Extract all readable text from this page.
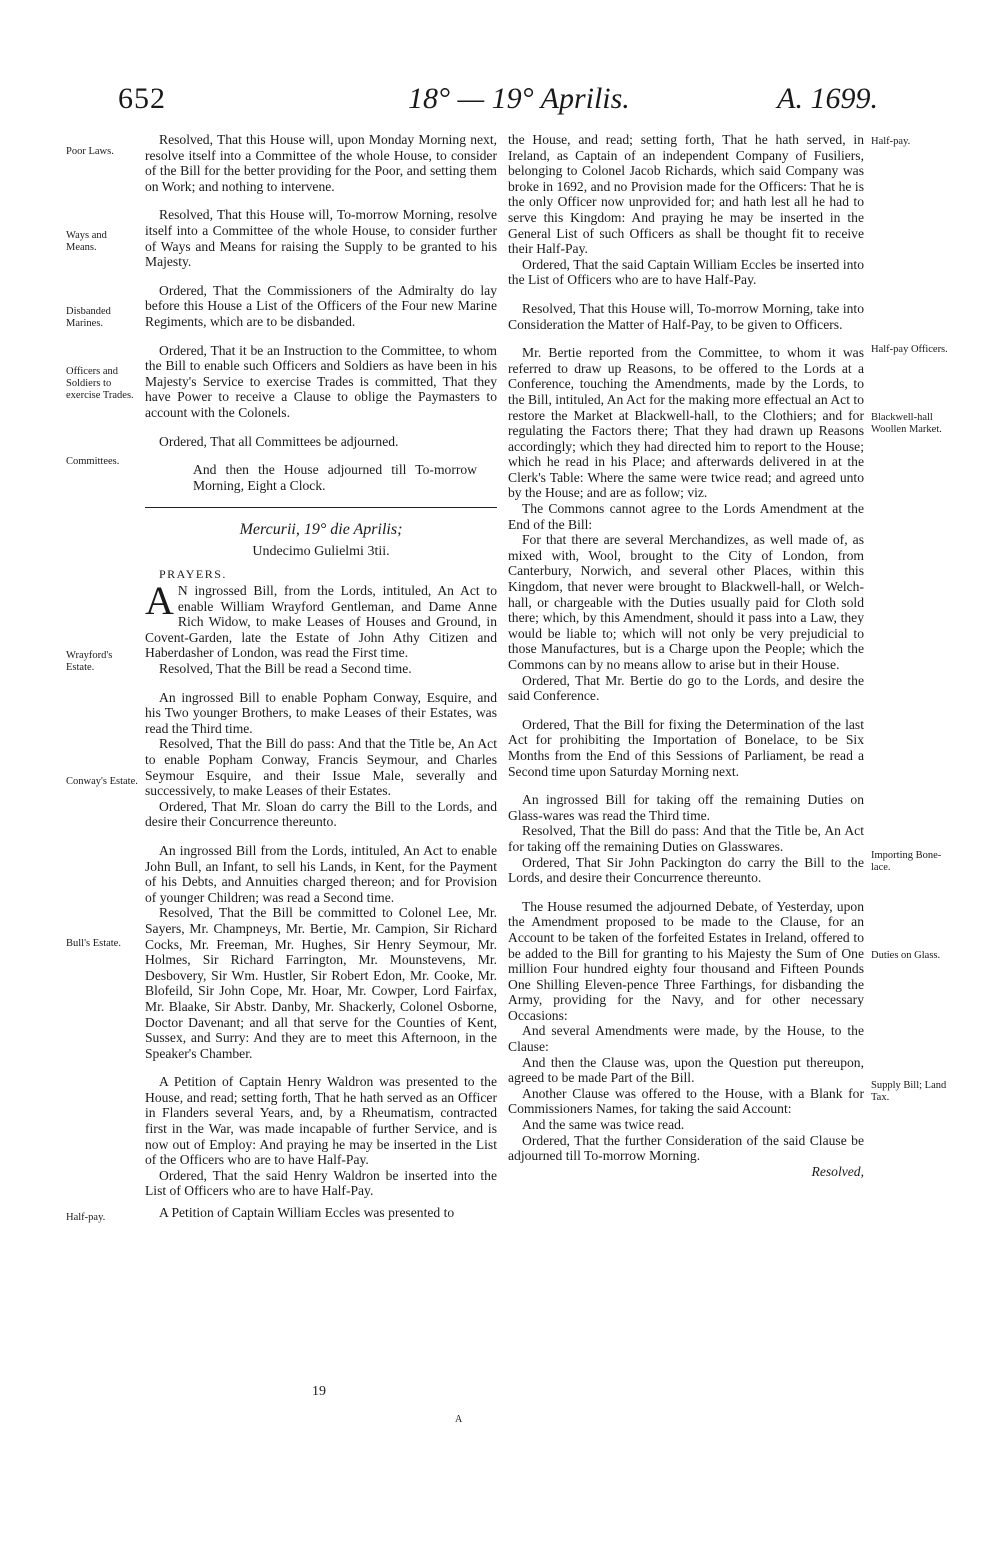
652	18° — 19° Aprilis.	A. 1699.
Poor Laws.
Ways and Means.
Disbanded Marines.
Officers and Soldiers to exercise Trades.
Committees.
Wrayford's Estate.
Conway's Estate.
Bull's Estate.
Half-pay.
Half-pay.
Half-pay Officers.
Blackwell-hall Woollen Market.
Importing Bone-lace.
Duties on Glass.
Supply Bill; Land Tax.

Resolved, That this House will, upon Monday Morning next, resolve itself into a Committee of the whole House, to consider of the Bill for the better providing for the Poor, and setting them on Work; and nothing to intervene.

Resolved, That this House will, To-morrow Morning, resolve itself into a Committee of the whole House, to consider further of Ways and Means for raising the Supply to be granted to his Majesty.

Ordered, That the Commissioners of the Admiralty do lay before this House a List of the Officers of the Four new Marine Regiments, which are to be disbanded.

Ordered, That it be an Instruction to the Committee, to whom the Bill to enable such Officers and Soldiers as have been in his Majesty's Service to exercise Trades is committed, That they have Power to receive a Clause to oblige the Paymasters to account with the Colonels.

Ordered, That all Committees be adjourned.

And then the House adjourned till To-morrow Morning, Eight a Clock.

Mercurii, 19° die Aprilis;

Undecimo Gulielmi 3tii.

PRAYERS.

A N ingrossed Bill, from the Lords, intituled, An Act to enable William Wrayford Gentleman, and Dame Anne Rich Widow, to make Leases of Houses and Ground, in Covent-Garden, late the Estate of John Athy Citizen and Haberdasher of London, was read the First time.

Resolved, That the Bill be read a Second time.

An ingrossed Bill to enable Popham Conway, Esquire, and his Two younger Brothers, to make Leases of their Estates, was read the Third time.

Resolved, That the Bill do pass: And that the Title be, An Act to enable Popham Conway, Francis Seymour, and Charles Seymour Esquire, and their Issue Male, severally and successively, to make Leases of their Estates.

Ordered, That Mr. Sloan do carry the Bill to the Lords, and desire their Concurrence thereunto.

An ingrossed Bill from the Lords, intituled, An Act to enable John Bull, an Infant, to sell his Lands, in Kent, for the Payment of his Debts, and Annuities charged thereon; and for Provision of younger Children; was read a Second time.

Resolved, That the Bill be committed to Colonel Lee, Mr. Sayers, Mr. Champneys, Mr. Bertie, Mr. Campion, Sir Richard Cocks, Mr. Freeman, Mr. Hughes, Sir Henry Seymour, Mr. Holmes, Sir Richard Farrington, Mr. Mounstevens, Mr. Desbovery, Sir Wm. Hustler, Sir Robert Edon, Mr. Cooke, Mr. Blofeild, Sir John Cope, Mr. Hoar, Mr. Cowper, Lord Fairfax, Mr. Blaake, Sir Abstr. Danby, Mr. Shackerly, Colonel Osborne, Doctor Davenant; and all that serve for the Counties of Kent, Sussex, and Surry: And they are to meet this Afternoon, in the Speaker's Chamber.

A Petition of Captain Henry Waldron was presented to the House, and read; setting forth, That he hath served as an Officer in Flanders several Years, and, by a Rheumatism, contracted first in the War, was made incapable of further Service, and is now out of Employ: And praying he may be inserted in the List of the Officers who are to have Half-Pay.

Ordered, That the said Henry Waldron be inserted into the List of Officers who are to have Half-Pay.

A Petition of Captain William Eccles was presented to

the House, and read; setting forth, That he hath served, in Ireland, as Captain of an independent Company of Fusiliers, belonging to Colonel Jacob Richards, which said Company was broke in 1692, and no Provision made for the Officers: That he is the only Officer now unprovided for; and hath lest all he had to serve this Kingdom: And praying he may be inserted in the General List of such Officers as shall be thought fit to receive their Half-Pay.

Ordered, That the said Captain William Eccles be inserted into the List of Officers who are to have Half-Pay.

Resolved, That this House will, To-morrow Morning, take into Consideration the Matter of Half-Pay, to be given to Officers.

Mr. Bertie reported from the Committee, to whom it was referred to draw up Reasons, to be offered to the Lords at a Conference, touching the Amendments, made by the Lords, to the Bill, intituled, An Act for the making more effectual an Act to restore the Market at Blackwell-hall, to the Clothiers; and for regulating the Factors there; That they had drawn up Reasons accordingly; which they had directed him to report to the House; which he read in his Place; and afterwards delivered in at the Clerk's Table: Where the same were twice read; and agreed unto by the House; and are as follow; viz.

The Commons cannot agree to the Lords Amendment at the End of the Bill:

For that there are several Merchandizes, as well made of, as mixed with, Wool, brought to the City of London, from Canterbury, Norwich, and several other Places, within this Kingdom, that never were brought to Blackwell-hall, or Welch-hall, or chargeable with the Duties usually paid for Cloth sold there; which, by this Amendment, should it pass into a Law, they would be liable to; which will not only be very prejudicial to those Manufactures, but is a Charge upon the People; which the Commons can by no means allow to arise but in their House.

Ordered, That Mr. Bertie do go to the Lords, and desire the said Conference.

Ordered, That the Bill for fixing the Determination of the last Act for prohibiting the Importation of Bonelace, to be Six Months from the End of this Sessions of Parliament, be read a Second time upon Saturday Morning next.

An ingrossed Bill for taking off the remaining Duties on Glass-wares was read the Third time.

Resolved, That the Bill do pass: And that the Title be, An Act for taking off the remaining Duties on Glasswares.

Ordered, That Sir John Packington do carry the Bill to the Lords, and desire their Concurrence thereunto.

The House resumed the adjourned Debate, of Yesterday, upon the Amendment proposed to be made to the Clause, for an Account to be taken of the forfeited Estates in Ireland, offered to be added to the Bill for granting to his Majesty the Sum of One million Four hundred eighty four thousand and Fifteen Pounds One Shilling Eleven-pence Three Farthings, for disbanding the Army, providing for the Navy, and for other necessary Occasions:

And several Amendments were made, by the House, to the Clause:

And then the Clause was, upon the Question put thereupon, agreed to be made Part of the Bill.

Another Clause was offered to the House, with a Blank for Commissioners Names, for taking the said Account:

And the same was twice read.

Ordered, That the further Consideration of the said Clause be adjourned till To-morrow Morning.

Resolved,

19
A
